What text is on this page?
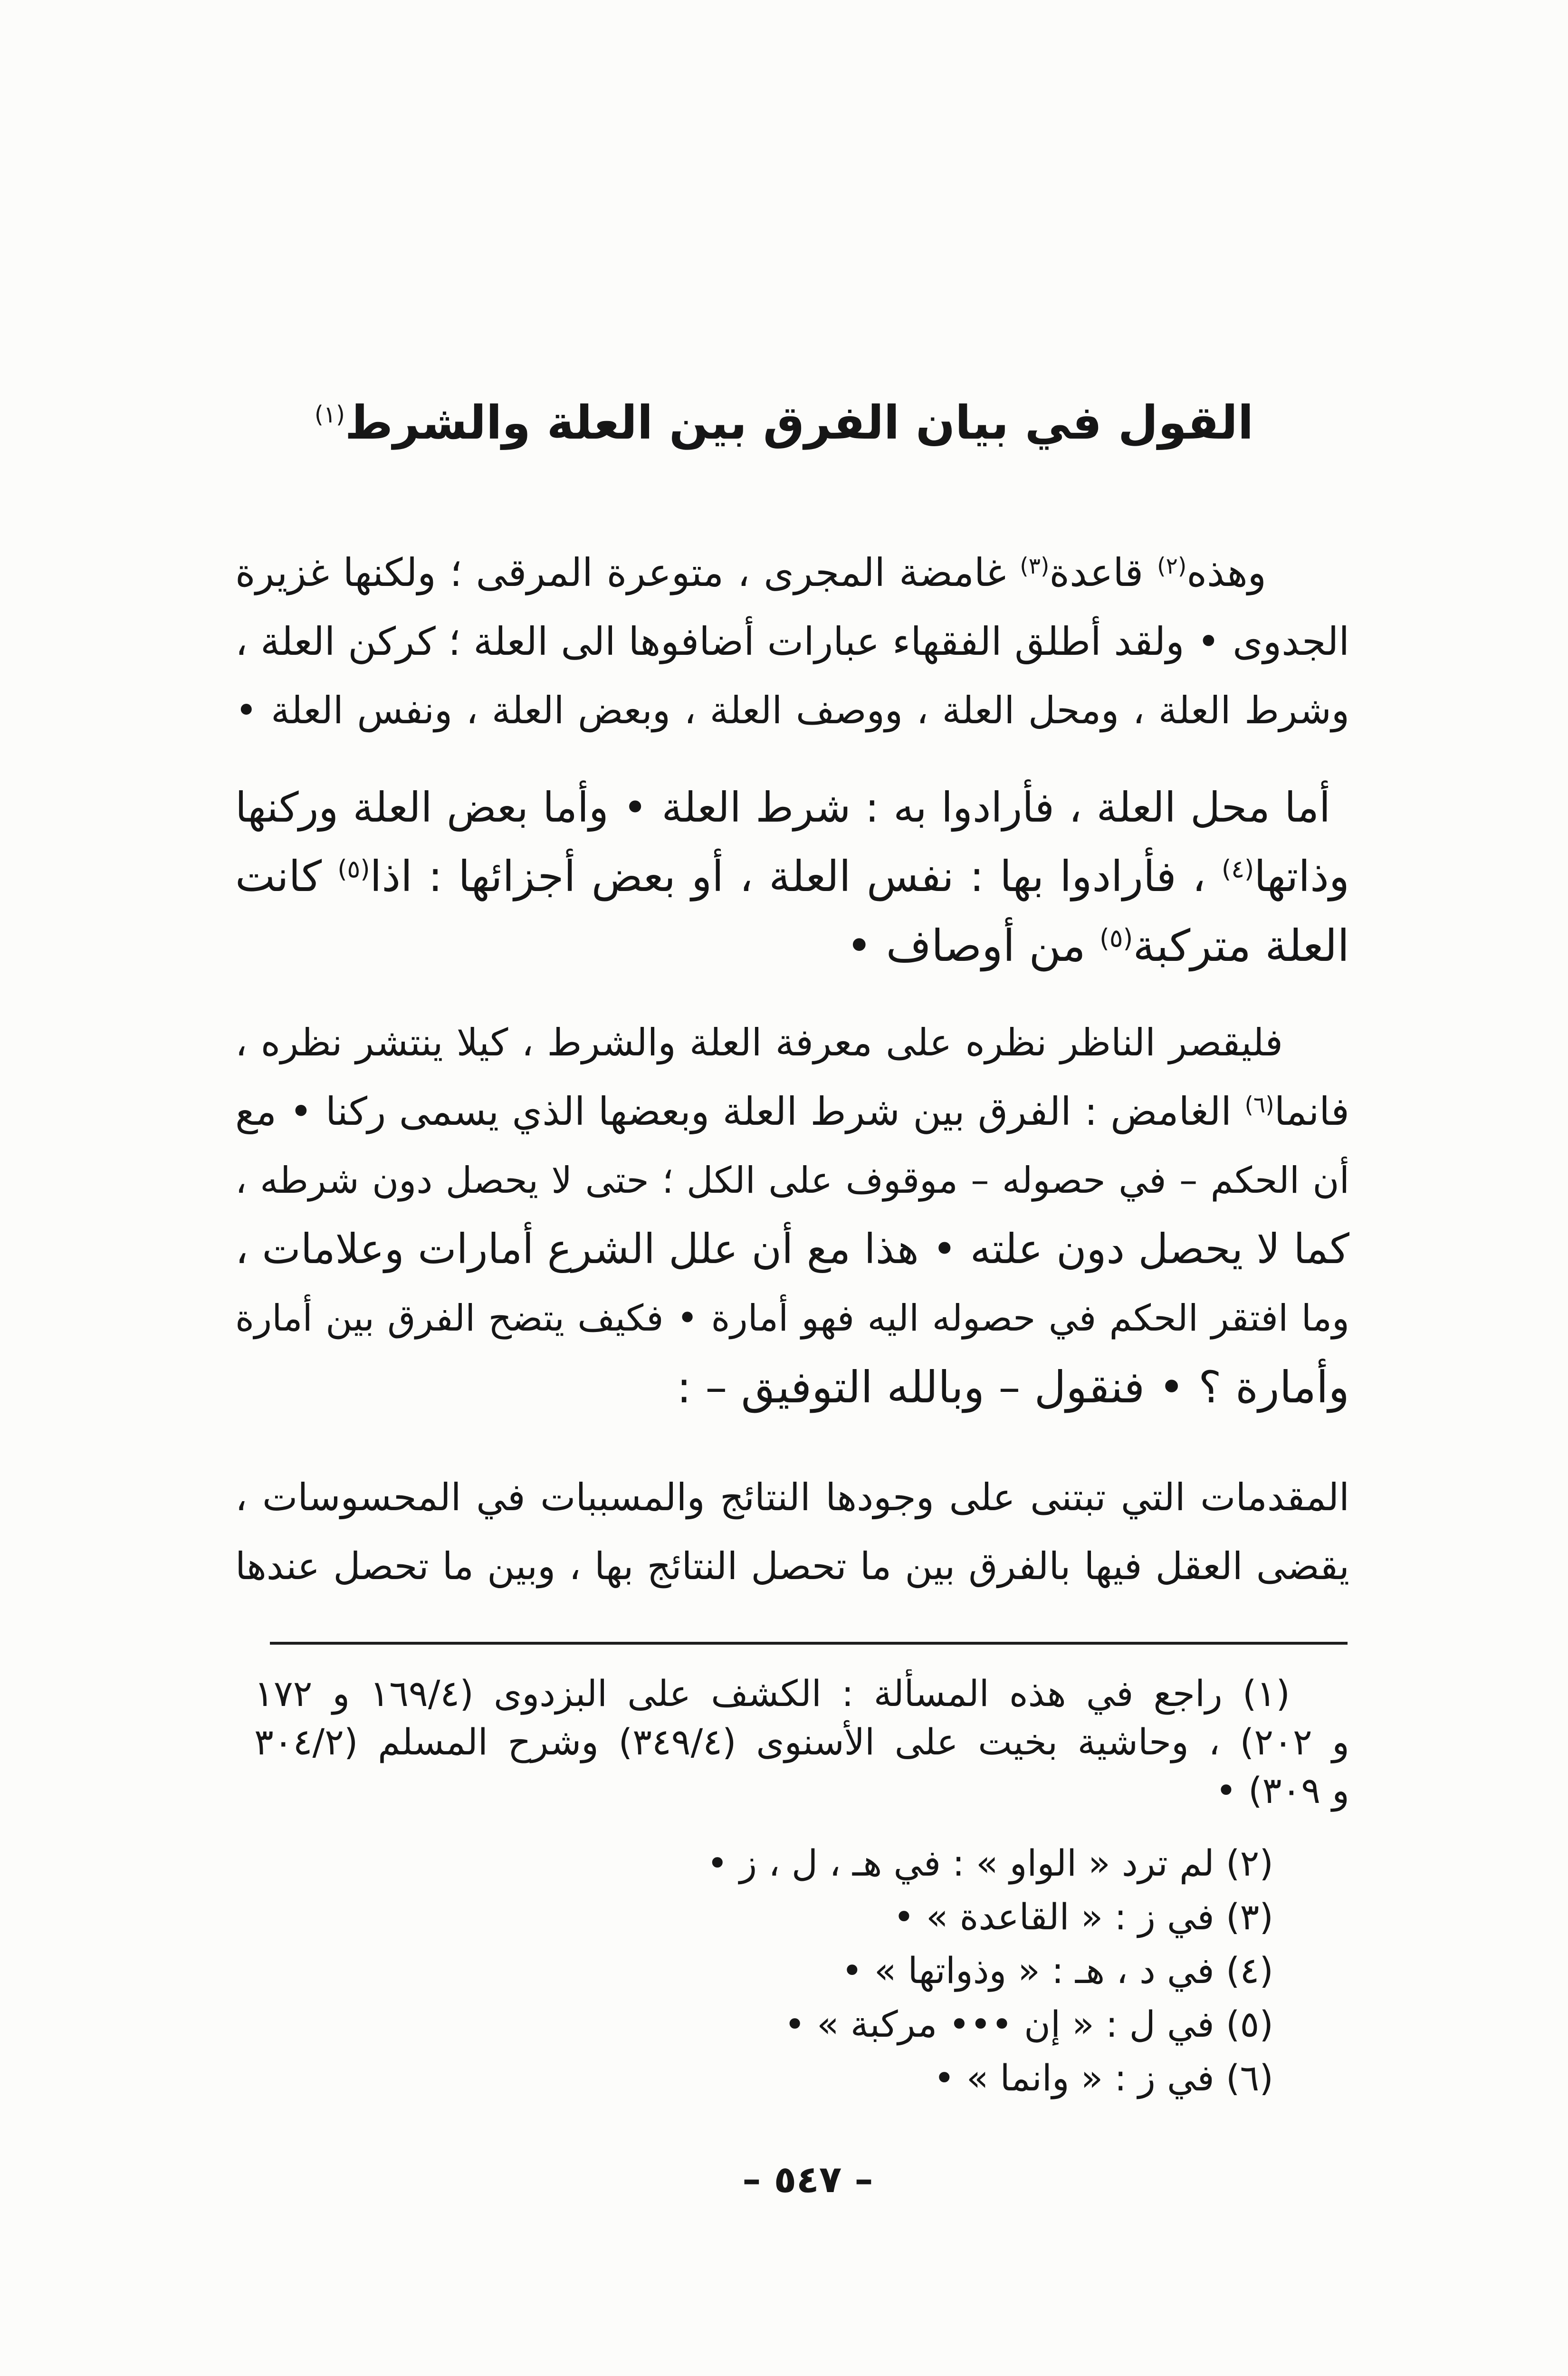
القول في بيان الفرق بين العلة والشرط$^{(١)}$
وهذه$^{(٢)}$ قاعدة$^{(٣)}$ غامضة المجرى ، متوعرة المرقى ؛ ولكنها غزيرة
الجدوى • ولقد أطلق الفقهاء عبارات أضافوها الى العلة ؛ كركن العلة ،
وشرط العلة ، ومحل العلة ، ووصف العلة ، وبعض العلة ، ونفس العلة •
أما محل العلة ، فأرادوا به : شرط العلة • وأما بعض العلة وركنها
وذاتها$^{(٤)}$ ، فأرادوا بها : نفس العلة ، أو بعض أجزائها : اذا$^{(٥)}$ كانت
العلة متركبة$^{(٥)}$ من أوصاف •
فليقصر الناظر نظره على معرفة العلة والشرط ، كيلا ينتشر نظره ،
فانما$^{(٦)}$ الغامض : الفرق بين شرط العلة وبعضها الذي يسمى ركنا • مع
أن الحكم – في حصوله – موقوف على الكل ؛ حتى لا يحصل دون شرطه ،
كما لا يحصل دون علته • هذا مع أن علل الشرع أمارات وعلامات ،
وما افتقر الحكم في حصوله اليه فهو أمارة • فكيف يتضح الفرق بين أمارة
وأمارة ؟ • فنقول – وبالله التوفيق – :
المقدمات التي تبتنى على وجودها النتائج والمسببات في المحسوسات ،
يقضى العقل فيها بالفرق بين ما تحصل النتائج بها ، وبين ما تحصل عندها
(١) راجع في هذه المسألة : الكشف على البزدوى (١٦٩/٤ و ١٧٢
و ٢٠٢) ، وحاشية بخيت على الأسنوى (٣٤٩/٤) وشرح المسلم (٣٠٤/٢
و ٣٠٩) •
(٢) لم ترد « الواو » : في هـ ، ل ، ز •
(٣) في ز : « القاعدة » •
(٤) في د ، هـ : « وذواتها » •
(٥) في ل : « إن ••• مركبة » •
(٦) في ز : « وانما » •
– ٥٤٧ –
